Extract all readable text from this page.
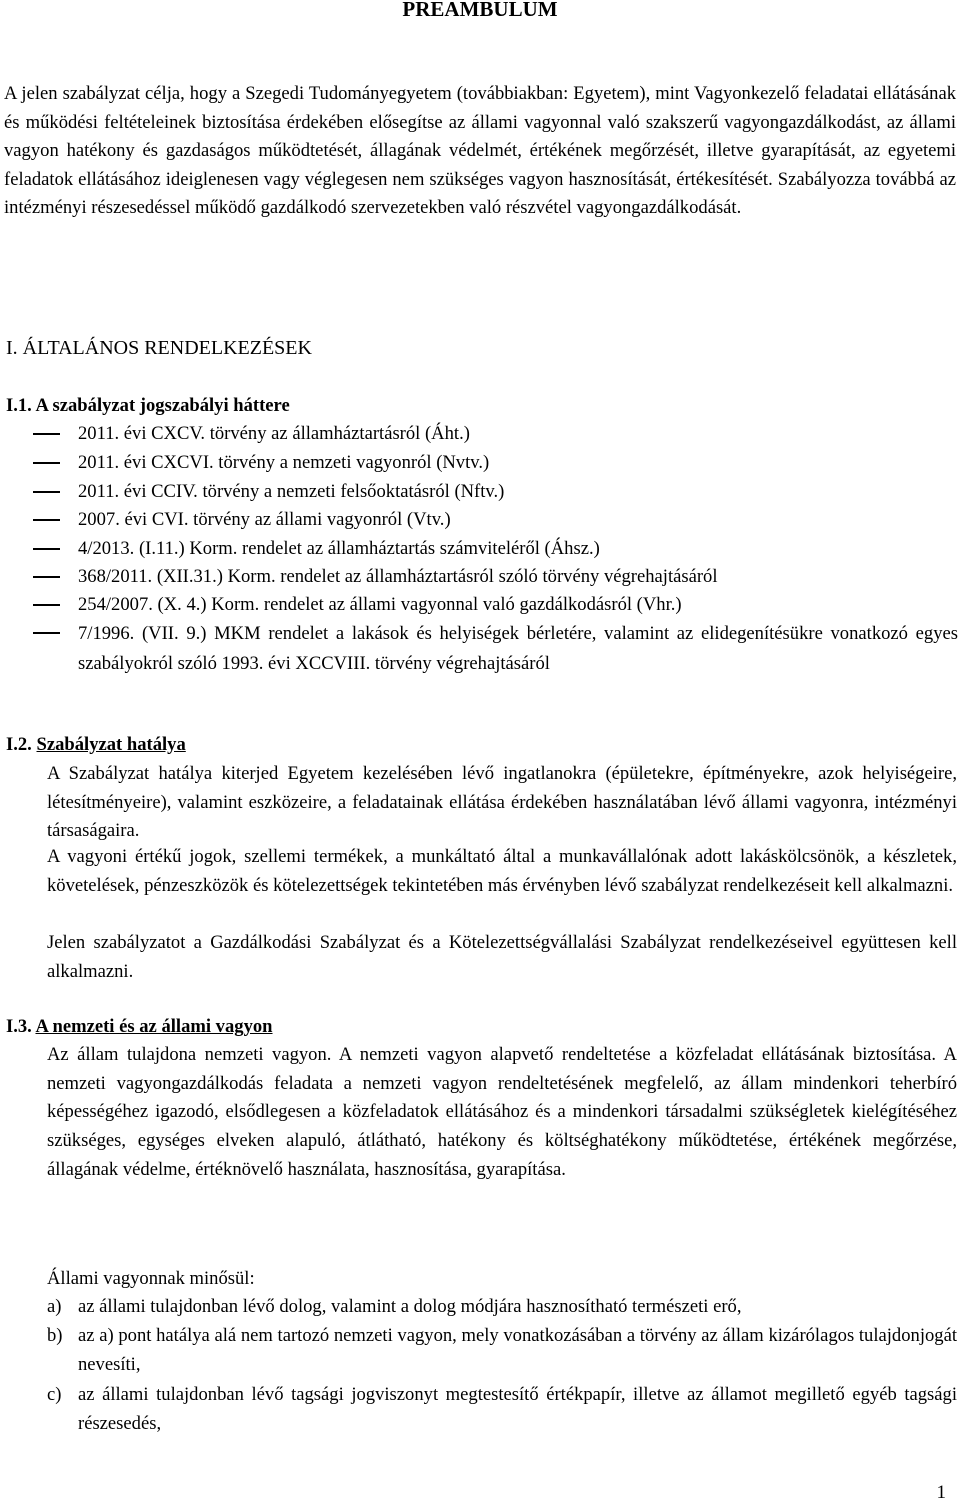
PREAMBULUM
A jelen szabályzat célja, hogy a Szegedi Tudományegyetem (továbbiakban: Egyetem), mint Vagyonkezelő feladatai ellátásának és működési feltételeinek biztosítása érdekében elősegítse az állami vagyonnal való szakszerű vagyongazdálkodást, az állami vagyon hatékony és gazdaságos működtetését, állagának védelmét, értékének megőrzését, illetve gyarapítását, az egyetemi feladatok ellátásához ideiglenesen vagy véglegesen nem szükséges vagyon hasznosítását, értékesítését. Szabályozza továbbá az intézményi részesedéssel működő gazdálkodó szervezetekben való részvétel vagyongazdálkodását.
I. ÁLTALÁNOS RENDELKEZÉSEK
I.1. A szabályzat jogszabályi háttere
2011. évi CXCV. törvény az államháztartásról (Áht.)
2011. évi CXCVI. törvény a nemzeti vagyonról (Nvtv.)
2011. évi CCIV. törvény a nemzeti felsőoktatásról (Nftv.)
2007. évi CVI. törvény az állami vagyonról (Vtv.)
4/2013. (I.11.) Korm. rendelet az államháztartás számviteléről (Áhsz.)
368/2011. (XII.31.) Korm. rendelet az államháztartásról szóló törvény végrehajtásáról
254/2007. (X. 4.) Korm. rendelet az állami vagyonnal való gazdálkodásról (Vhr.)
7/1996. (VII. 9.) MKM rendelet a lakások és helyiségek bérletére, valamint az elidegenítésükre vonatkozó egyes szabályokról szóló 1993. évi XCCVIII. törvény végrehajtásáról
I.2. Szabályzat hatálya
A Szabályzat hatálya kiterjed Egyetem kezelésében lévő ingatlanokra (épületekre, építményekre, azok helyiségeire, létesítményeire), valamint eszközeire, a feladatainak ellátása érdekében használatában lévő állami vagyonra, intézményi társaságaira.
A vagyoni értékű jogok, szellemi termékek, a munkáltató által a munkavállalónak adott lakáskölcsönök, a készletek, követelések, pénzeszközök és kötelezettségek tekintetében más érvényben lévő szabályzat rendelkezéseit kell alkalmazni.
Jelen szabályzatot a Gazdálkodási Szabályzat és a Kötelezettségvállalási Szabályzat rendelkezéseivel együttesen kell alkalmazni.
I.3. A nemzeti és az állami vagyon
Az állam tulajdona nemzeti vagyon. A nemzeti vagyon alapvető rendeltetése a közfeladat ellátásának biztosítása. A nemzeti vagyongazdálkodás feladata a nemzeti vagyon rendeltetésének megfelelő, az állam mindenkori teherbíró képességéhez igazodó, elsődlegesen a közfeladatok ellátásához és a mindenkori társadalmi szükségletek kielégítéséhez szükséges, egységes elveken alapuló, átlátható, hatékony és költséghatékony működtetése, értékének megőrzése, állagának védelme, értéknövelő használata, hasznosítása, gyarapítása.
Állami vagyonnak minősül:
a) az állami tulajdonban lévő dolog, valamint a dolog módjára hasznosítható természeti erő,
b) az a) pont hatálya alá nem tartozó nemzeti vagyon, mely vonatkozásában a törvény az állam kizárólagos tulajdonjogát nevesíti,
c) az állami tulajdonban lévő tagsági jogviszonyt megtestesítő értékpapír, illetve az államot megillető egyéb tagsági részesedés,
1
